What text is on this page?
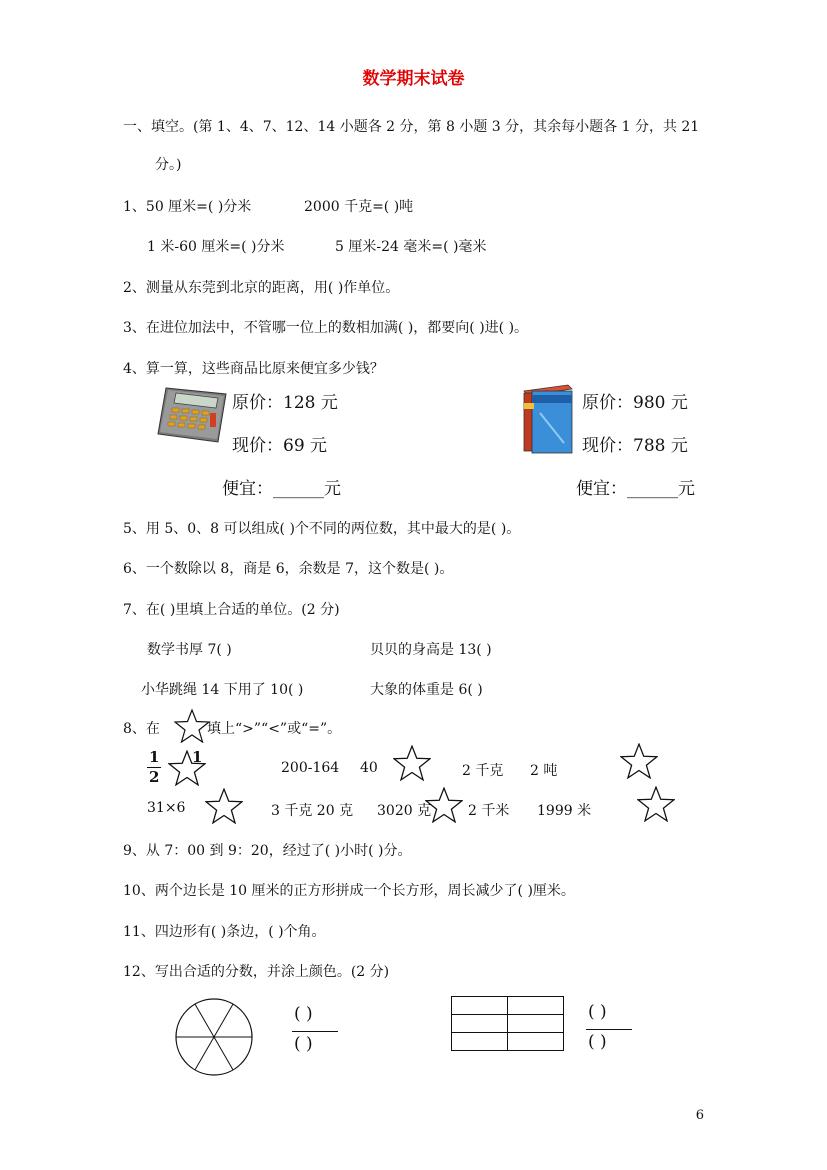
数学期末试卷
一、填空。(第 1、4、7、12、14 小题各 2 分，第 8 小题 3 分，其余每小题各 1 分，共 21
分。)
1、50 厘米=( )分米	2000 千克=( )吨
1 米-60 厘米=( )分米	5 厘米-24 毫米=( )毫米
2、测量从东莞到北京的距离，用( )作单位。
3、在进位加法中，不管哪一位上的数相加满( )，都要向( )进( )。
4、算一算，这些商品比原来便宜多少钱？
原价：128 元
现价：69 元
便宜：______元
原价：980 元
现价：788 元
便宜：______元
5、用 5、0、8 可以组成( )个不同的两位数，其中最大的是( )。
6、一个数除以 8，商是 6，余数是 7，这个数是( )。
7、在( )里填上合适的单位。(2 分)
数学书厚 7( )	贝贝的身高是 13( )
小华跳绳 14 下用了 10( )	大象的体重是 6( )
8、在	填上“>”“<”或“=”。
1
2
1
200-164 40	2 千克 2 吨
31×6	3 千克 20 克 3020 克	2 千米 1999 米
9、从 7：00 到 9：20，经过了( )小时( )分。
10、两个边长是 10 厘米的正方形拼成一个长方形，周长减少了( )厘米。
11、四边形有( )条边，( )个角。
12、写出合适的分数，并涂上颜色。(2 分)
( )
( )
( )
( )
6
